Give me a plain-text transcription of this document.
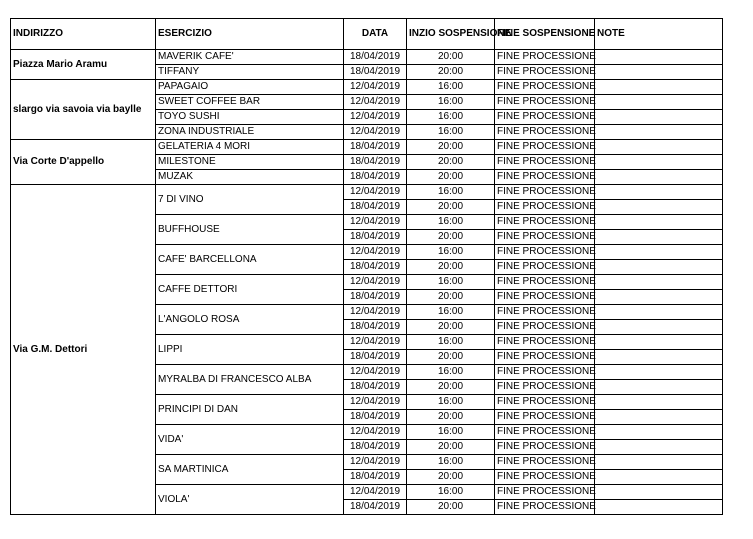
INDIRIZZO	ESERCIZIO	DATA	INZIO SOSPENSIONE	FINE SOSPENSIONE	NOTE
Piazza Mario Aramu	MAVERIK CAFE'	18/04/2019	20:00	FINE PROCESSIONE	
	TIFFANY	18/04/2019	20:00	FINE PROCESSIONE	
slargo via savoia via baylle	PAPAGAIO	12/04/2019	16:00	FINE PROCESSIONE	
	SWEET COFFEE BAR	12/04/2019	16:00	FINE PROCESSIONE	
	TOYO SUSHI	12/04/2019	16:00	FINE PROCESSIONE	
	ZONA INDUSTRIALE	12/04/2019	16:00	FINE PROCESSIONE	
Via Corte D'appello	GELATERIA 4 MORI	18/04/2019	20:00	FINE PROCESSIONE	
	MILESTONE	18/04/2019	20:00	FINE PROCESSIONE	
	MUZAK	18/04/2019	20:00	FINE PROCESSIONE	
Via G.M. Dettori	7 DI VINO	12/04/2019	16:00	FINE PROCESSIONE	
		18/04/2019	20:00	FINE PROCESSIONE	
	BUFFHOUSE	12/04/2019	16:00	FINE PROCESSIONE	
		18/04/2019	20:00	FINE PROCESSIONE	
	CAFE' BARCELLONA	12/04/2019	16:00	FINE PROCESSIONE	
		18/04/2019	20:00	FINE PROCESSIONE	
	CAFFE DETTORI	12/04/2019	16:00	FINE PROCESSIONE	
		18/04/2019	20:00	FINE PROCESSIONE	
	L'ANGOLO ROSA	12/04/2019	16:00	FINE PROCESSIONE	
		18/04/2019	20:00	FINE PROCESSIONE	
	LIPPI	12/04/2019	16:00	FINE PROCESSIONE	
		18/04/2019	20:00	FINE PROCESSIONE	
	MYRALBA DI FRANCESCO ALBA	12/04/2019	16:00	FINE PROCESSIONE	
		18/04/2019	20:00	FINE PROCESSIONE	
	PRINCIPI DI DAN	12/04/2019	16:00	FINE PROCESSIONE	
		18/04/2019	20:00	FINE PROCESSIONE	
	VIDA'	12/04/2019	16:00	FINE PROCESSIONE	
		18/04/2019	20:00	FINE PROCESSIONE	
	SA MARTINICA	12/04/2019	16:00	FINE PROCESSIONE	
		18/04/2019	20:00	FINE PROCESSIONE	
	VIOLA'	12/04/2019	16:00	FINE PROCESSIONE	
		18/04/2019	20:00	FINE PROCESSIONE	
